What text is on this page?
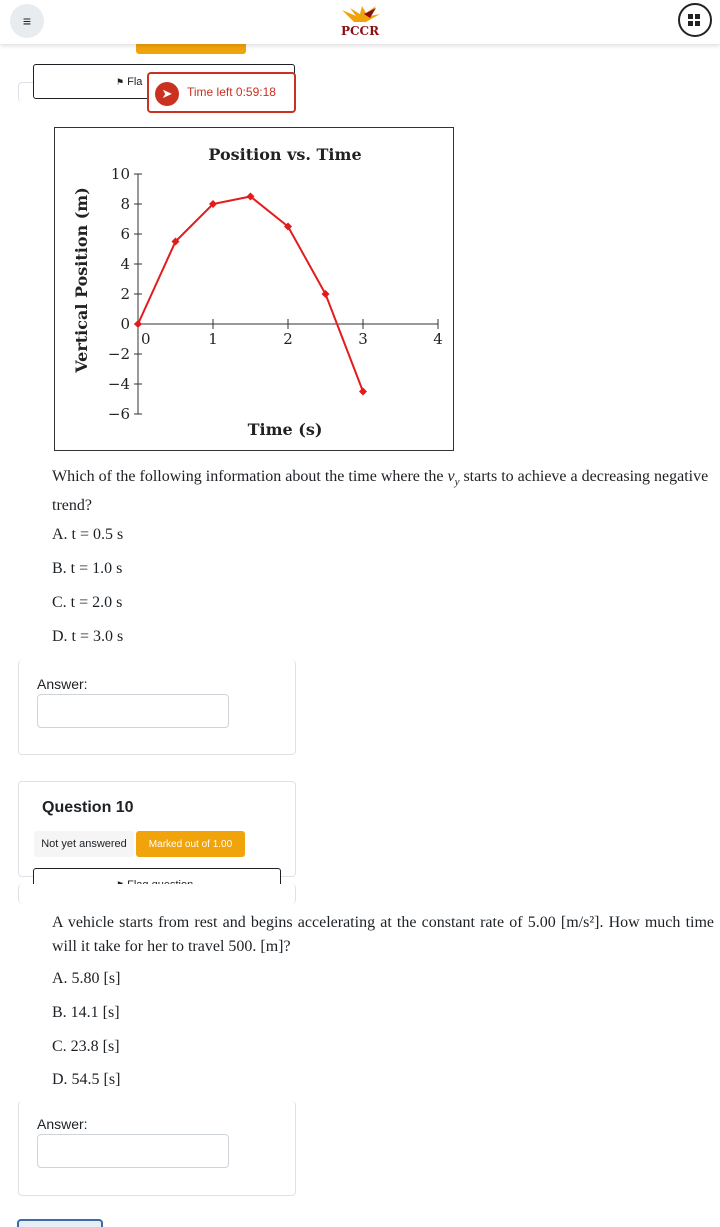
≡
PCCR
⚑ Fla
➤	Time left 0:59:18
Position vs. Time
Vertical Position (m)
Time (s)
10
8
6
4
2
0
−2
−4
−6
1	2	3	4
0
Which of the following information about the time where the $v_y$ starts to achieve a decreasing negative trend?
A. t = 0.5 s
B. t = 1.0 s
C. t = 2.0 s
D. t = 3.0 s
Answer:
Question 10
Not yet answered	Marked out of 1.00
A vehicle starts from rest and begins accelerating at the constant rate of 5.00 [m/s²]. How much time will it take for her to travel 500. [m]?
A. 5.80 [s]
B. 14.1 [s]
C. 23.8 [s]
D. 54.5 [s]
Answer:
